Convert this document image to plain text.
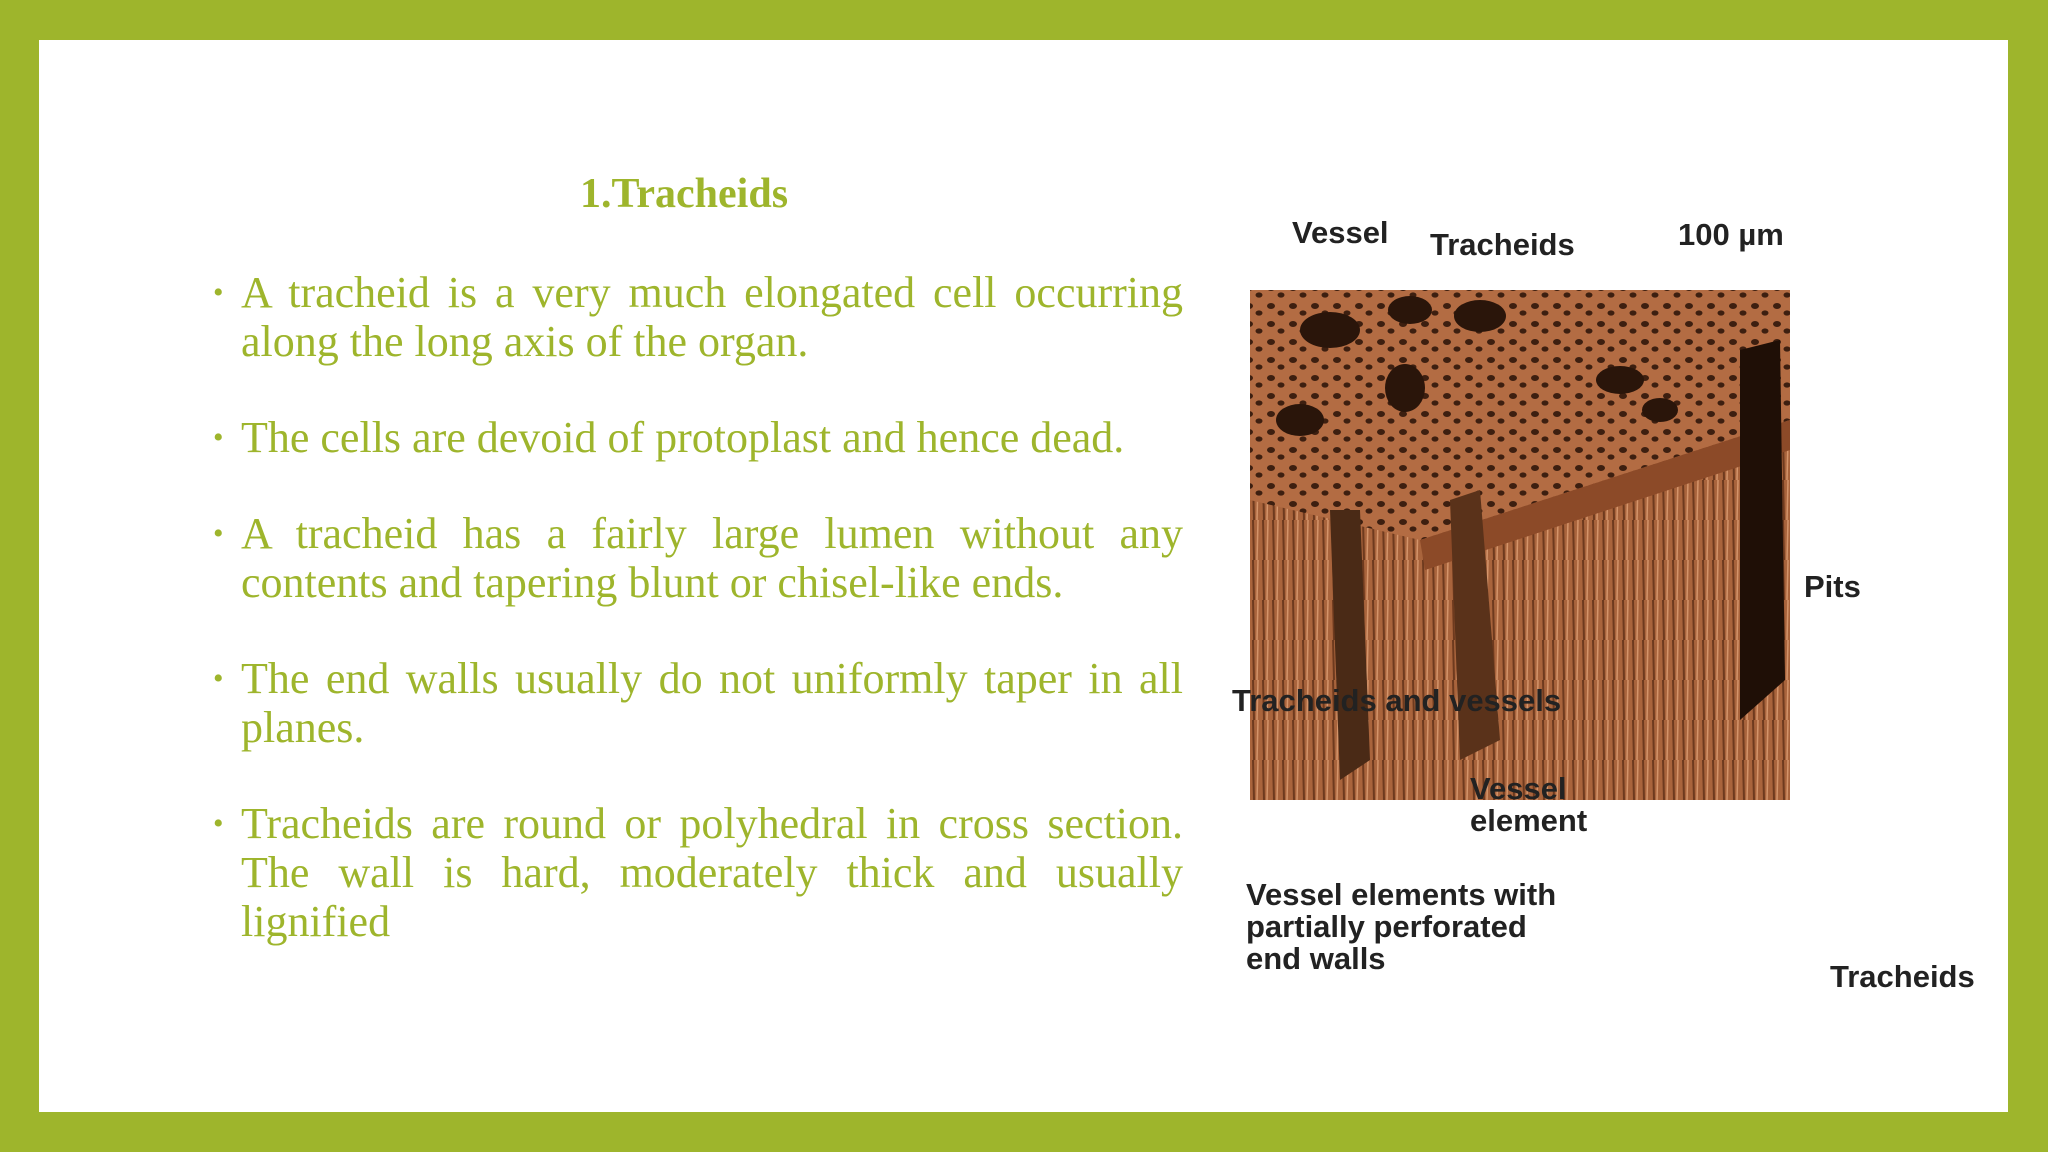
1.Tracheids
• A tracheid is a very much elongated cell occurring along the long axis of the organ.
• The cells are devoid of protoplast and hence dead.
• A tracheid has a fairly large lumen without any contents and tapering blunt or chisel-like ends.
• The end walls usually do not uniformly taper in all planes.
• Tracheids are round or polyhedral in cross section. The wall is hard, moderately thick and usually lignified
Vessel Tracheids	100 µm
Pits
Tracheids and vessels
Vessel
element
Vessel elements with
partially perforated
end walls
Tracheids
